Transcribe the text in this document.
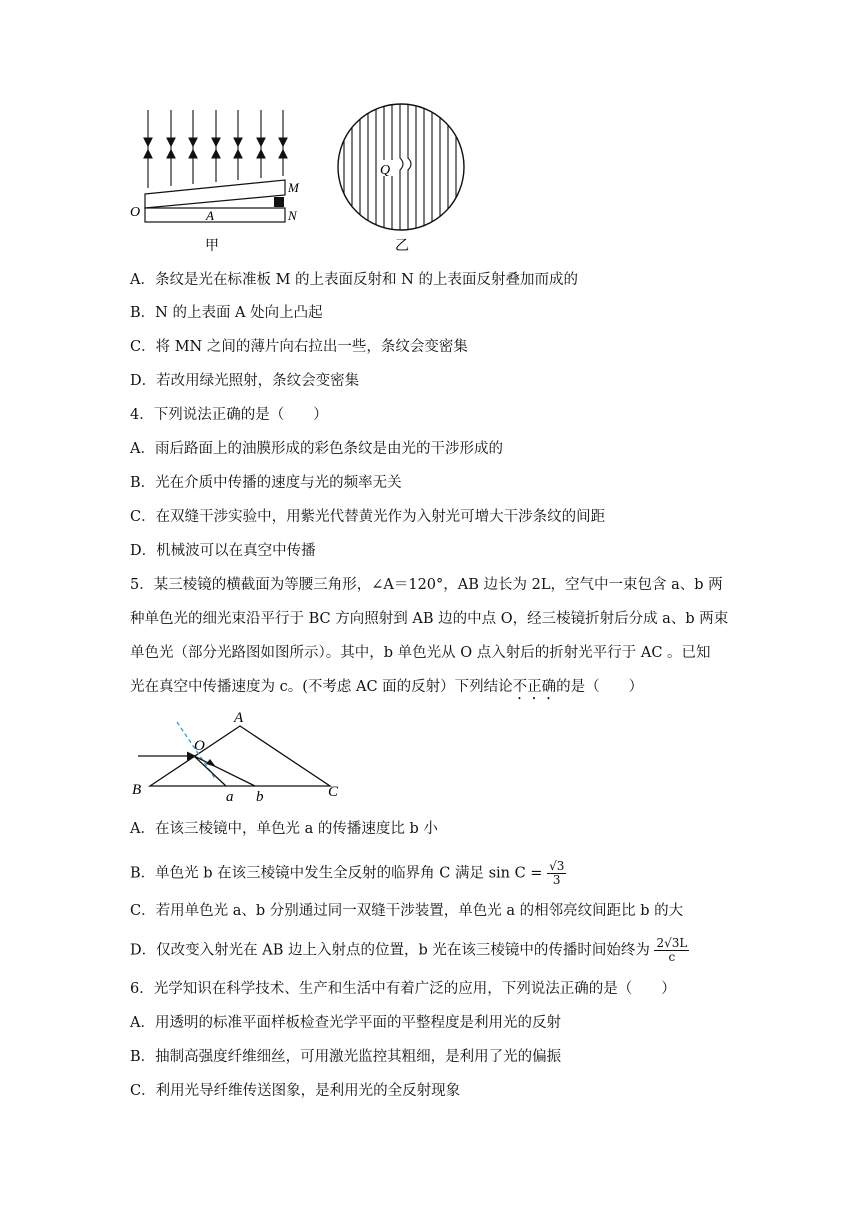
O	A
M
N
甲
Q
乙
A．条纹是光在标准板 M 的上表面反射和 N 的上表面反射叠加而成的
B．N 的上表面 A 处向上凸起
C．将 MN 之间的薄片向右拉出一些，条纹会变密集
D．若改用绿光照射，条纹会变密集
4．下列说法正确的是（　　）
A．雨后路面上的油膜形成的彩色条纹是由光的干涉形成的
B．光在介质中传播的速度与光的频率无关
C．在双缝干涉实验中，用紫光代替黄光作为入射光可增大干涉条纹的间距
D．机械波可以在真空中传播
5．某三棱镜的横截面为等腰三角形，∠A＝120°，AB 边长为 2L，空气中一束包含 a、b 两
种单色光的细光束沿平行于 BC 方向照射到 AB 边的中点 O，经三棱镜折射后分成 a、b 两束
单色光（部分光路图如图所示）。其中，b 单色光从 O 点入射后的折射光平行于 AC 。已知
光在真空中传播速度为 c。(不考虑 AC 面的反射）下列结论不正确的是（　　）
A
O
B	C
a b
A．在该三棱镜中，单色光 a 的传播速度比 b 小
B．单色光 b 在该三棱镜中发生全反射的临界角 C 满足 $\sin C = \frac{√3}{3}$
C．若用单色光 a、b 分别通过同一双缝干涉装置，单色光 a 的相邻亮纹间距比 b 的大
D．仅改变入射光在 AB 边上入射点的位置，b 光在该三棱镜中的传播时间始终为 $\frac{2√3L}{c}$
6．光学知识在科学技术、生产和生活中有着广泛的应用，下列说法正确的是（　　）
A．用透明的标准平面样板检查光学平面的平整程度是利用光的反射
B．抽制高强度纤维细丝，可用激光监控其粗细，是利用了光的偏振
C．利用光导纤维传送图象，是利用光的全反射现象
